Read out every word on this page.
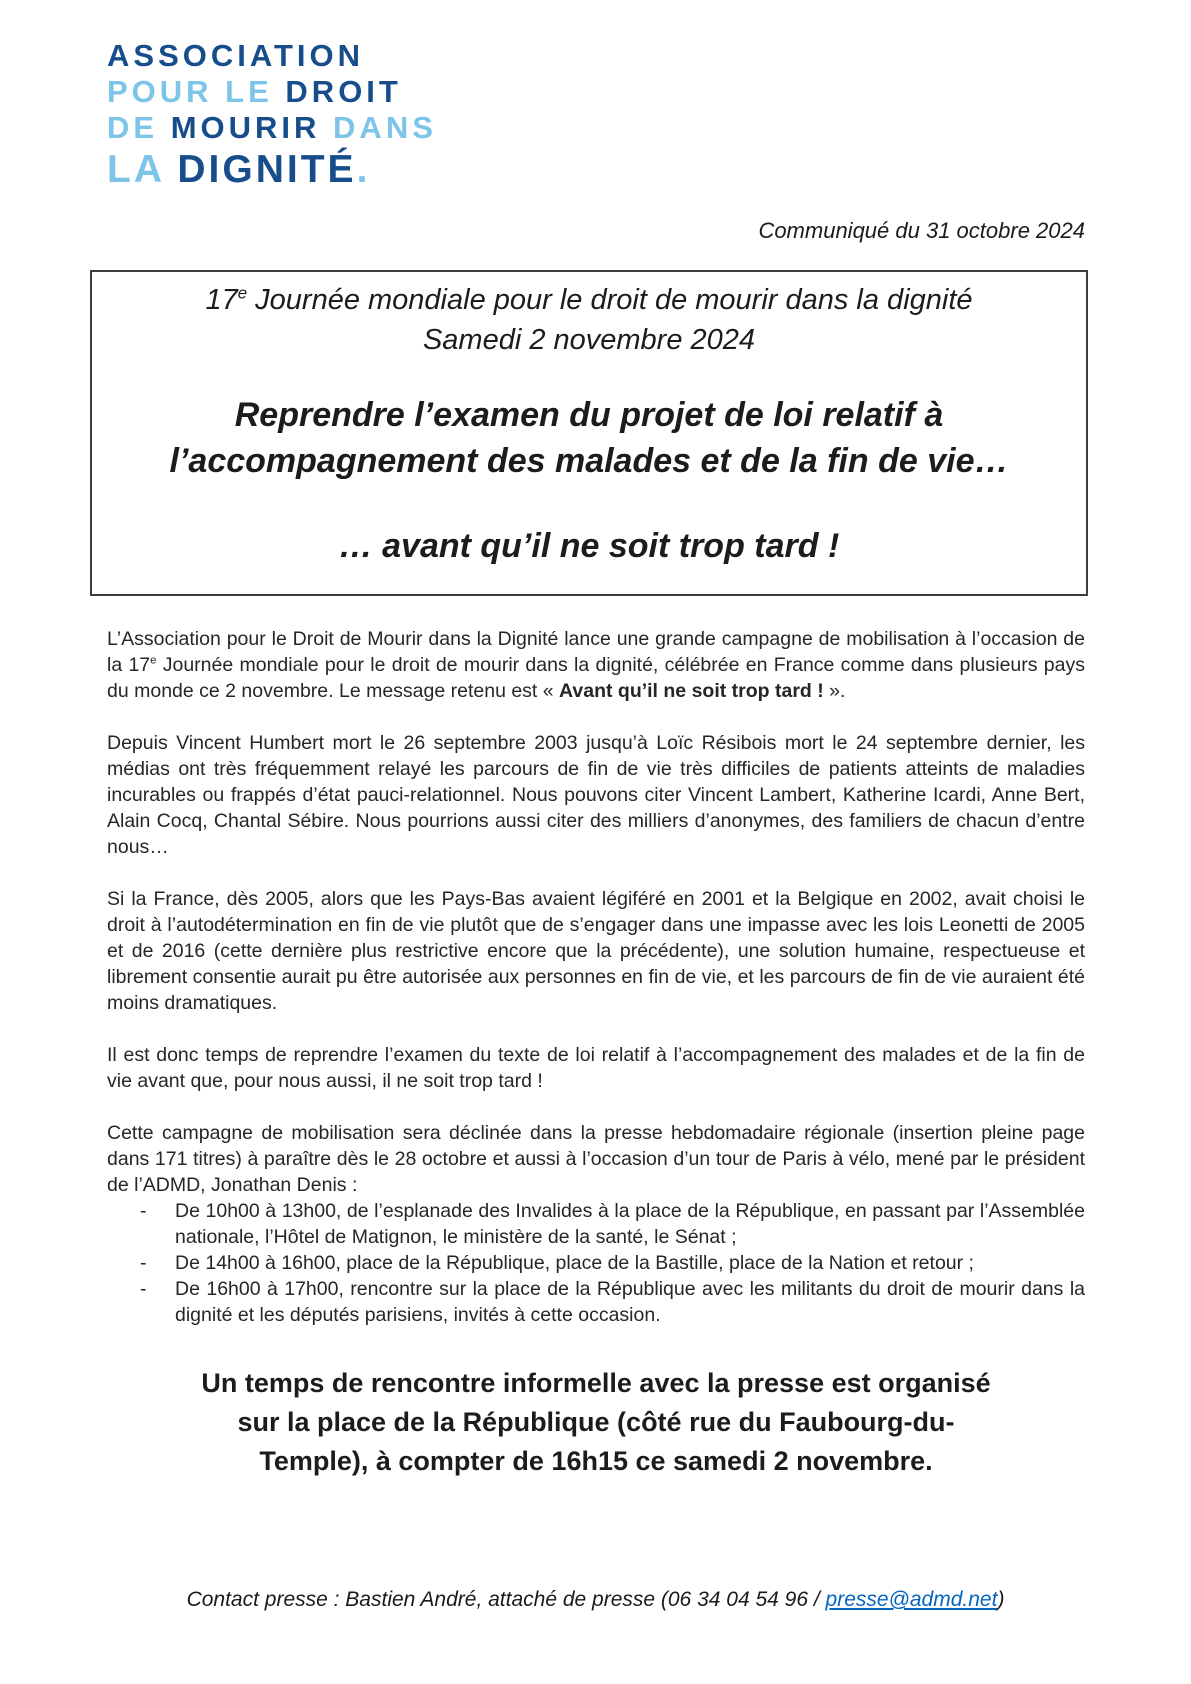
ASSOCIATION
POUR LE DROIT
DE MOURIR DANS
LA DIGNITÉ.
Communiqué du 31 octobre 2024
17e Journée mondiale pour le droit de mourir dans la dignité
Samedi 2 novembre 2024
Reprendre l’examen du projet de loi relatif à
l’accompagnement des malades et de la fin de vie…
… avant qu’il ne soit trop tard !

L’Association pour le Droit de Mourir dans la Dignité lance une grande campagne de mobilisation à l’occasion de la 17e Journée mondiale pour le droit de mourir dans la dignité, célébrée en France comme dans plusieurs pays du monde ce 2 novembre. Le message retenu est « Avant qu’il ne soit trop tard ! ».

Depuis Vincent Humbert mort le 26 septembre 2003 jusqu’à Loïc Résibois mort le 24 septembre dernier, les médias ont très fréquemment relayé les parcours de fin de vie très difficiles de patients atteints de maladies incurables ou frappés d’état pauci-relationnel. Nous pouvons citer Vincent Lambert, Katherine Icardi, Anne Bert, Alain Cocq, Chantal Sébire. Nous pourrions aussi citer des milliers d’anonymes, des familiers de chacun d’entre nous…

Si la France, dès 2005, alors que les Pays-Bas avaient légiféré en 2001 et la Belgique en 2002, avait choisi le droit à l’autodétermination en fin de vie plutôt que de s’engager dans une impasse avec les lois Leonetti de 2005 et de 2016 (cette dernière plus restrictive encore que la précédente), une solution humaine, respectueuse et librement consentie aurait pu être autorisée aux personnes en fin de vie, et les parcours de fin de vie auraient été moins dramatiques.

Il est donc temps de reprendre l’examen du texte de loi relatif à l’accompagnement des malades et de la fin de vie avant que, pour nous aussi, il ne soit trop tard !

Cette campagne de mobilisation sera déclinée dans la presse hebdomadaire régionale (insertion pleine page dans 171 titres) à paraître dès le 28 octobre et aussi à l’occasion d’un tour de Paris à vélo, mené par le président de l’ADMD, Jonathan Denis :

-	De 10h00 à 13h00, de l’esplanade des Invalides à la place de la République, en passant par l’Assemblée nationale, l’Hôtel de Matignon, le ministère de la santé, le Sénat ;
-	De 14h00 à 16h00, place de la République, place de la Bastille, place de la Nation et retour ;
-	De 16h00 à 17h00, rencontre sur la place de la République avec les militants du droit de mourir dans la dignité et les députés parisiens, invités à cette occasion.
Un temps de rencontre informelle avec la presse est organisé
sur la place de la République (côté rue du Faubourg-du-
Temple), à compter de 16h15 ce samedi 2 novembre.
Contact presse : Bastien André, attaché de presse (06 34 04 54 96 / presse@admd.net)
